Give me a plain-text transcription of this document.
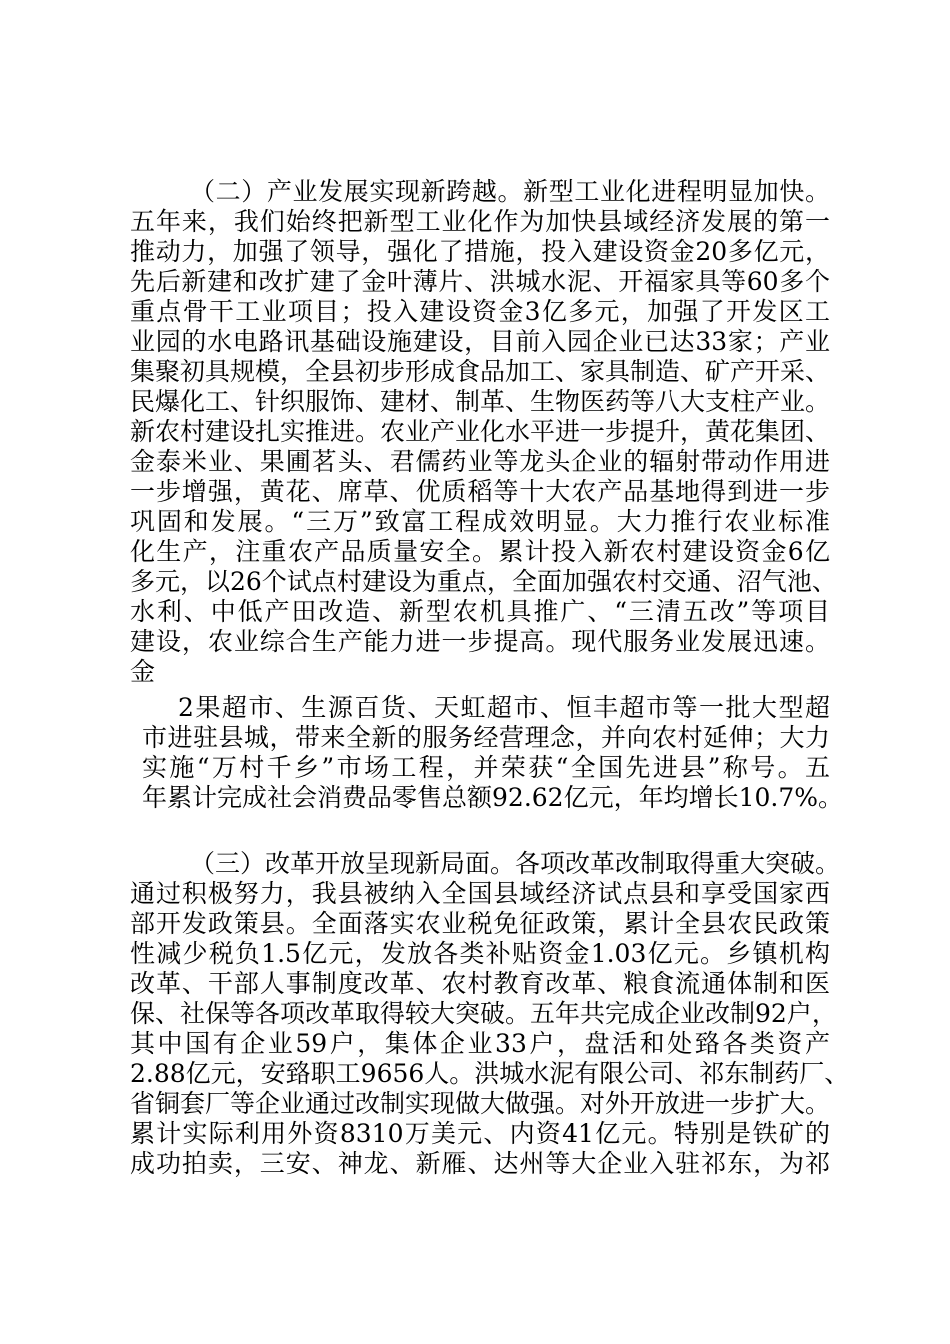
（二）产业发展实现新跨越。新型工业化进程明显加快。
五年来，我们始终把新型工业化作为加快县域经济发展的第一
推动力，加强了领导，强化了措施，投入建设资金20多亿元，
先后新建和改扩建了金叶薄片、洪城水泥、开福家具等60多个
重点骨干工业项目；投入建设资金3亿多元，加强了开发区工
业园的水电路讯基础设施建设，目前入园企业已达33家；产业
集聚初具规模，全县初步形成食品加工、家具制造、矿产开采、
民爆化工、针织服饰、建材、制革、生物医药等八大支柱产业。
新农村建设扎实推进。农业产业化水平进一步提升，黄花集团、
金泰米业、果圃茗头、君儒药业等龙头企业的辐射带动作用进
一步增强，黄花、席草、优质稻等十大农产品基地得到进一步
巩固和发展。“三万”致富工程成效明显。大力推行农业标准
化生产，注重农产品质量安全。累计投入新农村建设资金6亿
多元，以26个试点村建设为重点，全面加强农村交通、沼气池、
水利、中低产田改造、新型农机具推广、“三清五改”等项目
建设，农业综合生产能力进一步提高。现代服务业发展迅速。
金
2果超市、生源百货、天虹超市、恒丰超市等一批大型超
市进驻县城，带来全新的服务经营理念，并向农村延伸；大力
实施“万村千乡”市场工程，并荣获“全国先进县”称号。五
年累计完成社会消费品零售总额92.62亿元，年均增长10.7%。
（三）改革开放呈现新局面。各项改革改制取得重大突破。
通过积极努力，我县被纳入全国县域经济试点县和享受国家西
部开发政策县。全面落实农业税免征政策，累计全县农民政策
性减少税负1.5亿元，发放各类补贴资金1.03亿元。乡镇机构
改革、干部人事制度改革、农村教育改革、粮食流通体制和医
保、社保等各项改革取得较大突破。五年共完成企业改制92户，
其中国有企业59户，集体企业33户，盘活和处臵各类资产
2.88亿元，安臵职工9656人。洪城水泥有限公司、祁东制药厂、
省铜套厂等企业通过改制实现做大做强。对外开放进一步扩大。
累计实际利用外资8310万美元、内资41亿元。特别是铁矿的
成功拍卖，三安、神龙、新雁、达州等大企业入驻祁东，为祁
